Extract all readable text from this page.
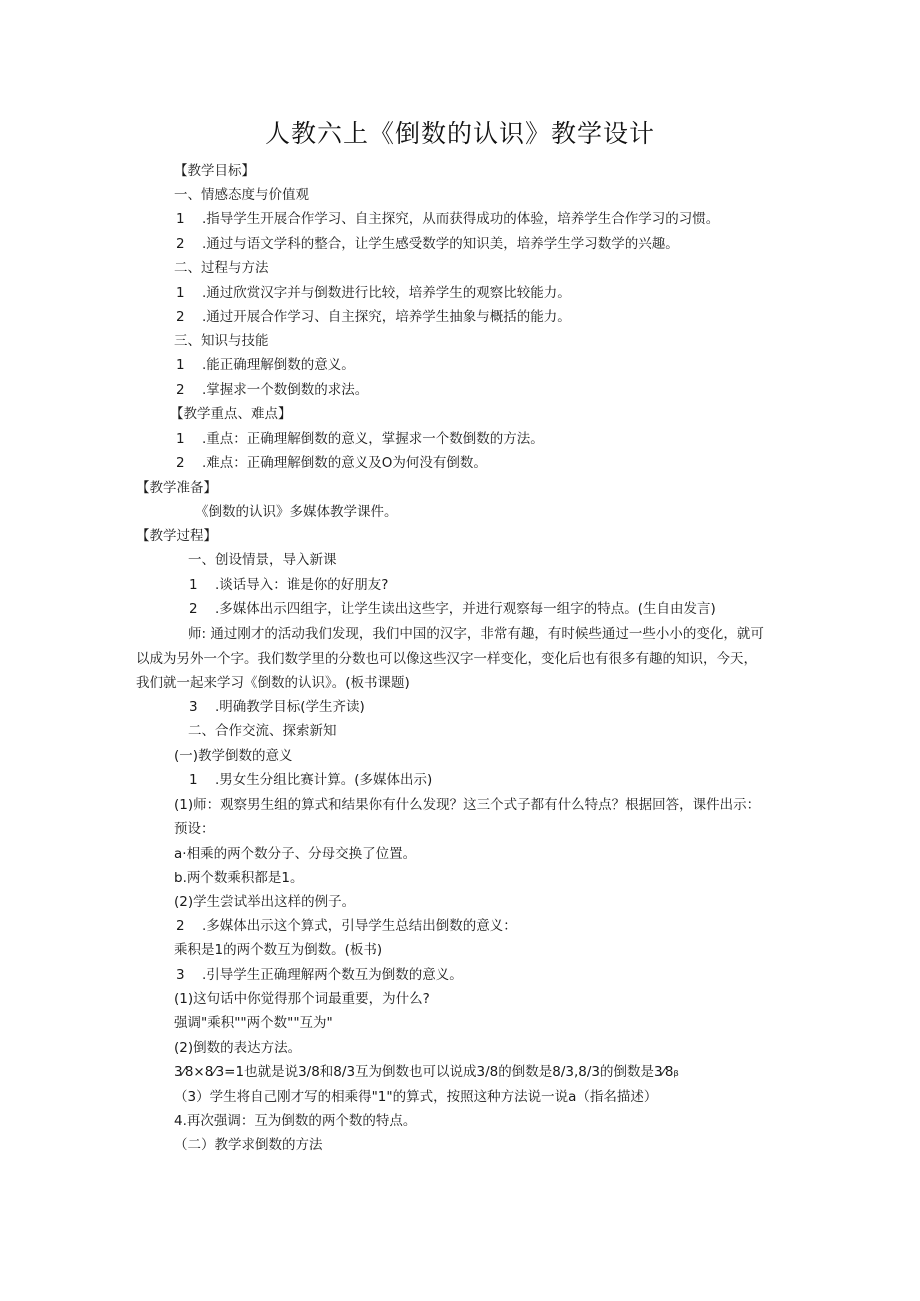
人教六上《倒数的认识》教学设计

【教学目标】

一、情感态度与价值观

1 .指导学生开展合作学习、自主探究，从而获得成功的体验，培养学生合作学习的习惯。

2 .通过与语文学科的整合，让学生感受数学的知识美，培养学生学习数学的兴趣。

二、过程与方法

1 .通过欣赏汉字并与倒数进行比较，培养学生的观察比较能力。

2 .通过开展合作学习、自主探究，培养学生抽象与概括的能力。

三、知识与技能

1 .能正确理解倒数的意义。

2 .掌握求一个数倒数的求法。

【教学重点、难点】

1 .重点：正确理解倒数的意义，掌握求一个数倒数的方法。

2 .难点：正确理解倒数的意义及O为何没有倒数。

【教学准备】

《倒数的认识》多媒体教学课件。

【教学过程】

一、创设情景，导入新课

1 .谈话导入：谁是你的好朋友?

2 .多媒体出示四组字，让学生读出这些字，并进行观察每一组字的特点。(生自由发言)

师: 通过刚才的活动我们发现，我们中国的汉字，非常有趣，有时候些通过一些小小的变化，就可

以成为另外一个字。我们数学里的分数也可以像这些汉字一样变化，变化后也有很多有趣的知识，今天，

我们就一起来学习《倒数的认识》。(板书课题)

3 .明确教学目标(学生齐读)

二、合作交流、探索新知

(一)教学倒数的意义

1 .男女生分组比赛计算。(多媒体出示)

(1)师：观察男生组的算式和结果你有什么发现？这三个式子都有什么特点？根据回答，课件出示：

预设：

a·相乘的两个数分子、分母交换了位置。

b.两个数乘积都是1。

(2)学生尝试举出这样的例子。

2 .多媒体出示这个算式，引导学生总结出倒数的意义：

乘积是1的两个数互为倒数。(板书)

3 .引导学生正确理解两个数互为倒数的意义。

(1)这句话中你觉得那个词最重要，为什么?

强调"乘积""两个数""互为"

(2)倒数的表达方法。

3⁄8×8⁄3=1也就是说3/8和8/3互为倒数也可以说成3/8的倒数是8/3,8/3的倒数是3⁄8ᵦ

（3）学生将自己刚才写的相乘得"1"的算式，按照这种方法说一说a（指名描述）

4.再次强调：互为倒数的两个数的特点。

（二）教学求倒数的方法
